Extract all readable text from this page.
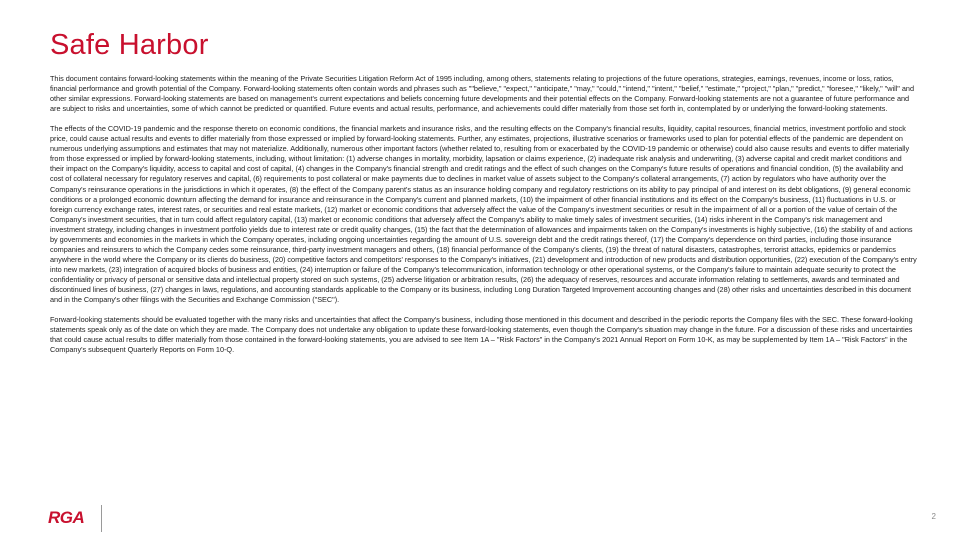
Safe Harbor

This document contains forward-looking statements within the meaning of the Private Securities Litigation Reform Act of 1995 including, among others, statements relating to projections of the future operations, strategies, earnings, revenues, income or loss, ratios, financial performance and growth potential of the Company. Forward-looking statements often contain words and phrases such as ""believe," "expect," "anticipate," "may," "could," "intend," "intent," "belief," "estimate," "project," "plan," "predict," "foresee," "likely," "will" and other similar expressions. Forward-looking statements are based on management's current expectations and beliefs concerning future developments and their potential effects on the Company. Forward-looking statements are not a guarantee of future performance and are subject to risks and uncertainties, some of which cannot be predicted or quantified. Future events and actual results, performance, and achievements could differ materially from those set forth in, contemplated by or underlying the forward-looking statements.

The effects of the COVID-19 pandemic and the response thereto on economic conditions, the financial markets and insurance risks, and the resulting effects on the Company's financial results, liquidity, capital resources, financial metrics, investment portfolio and stock price, could cause actual results and events to differ materially from those expressed or implied by forward-looking statements. Further, any estimates, projections, illustrative scenarios or frameworks used to plan for potential effects of the pandemic are dependent on numerous underlying assumptions and estimates that may not materialize. Additionally, numerous other important factors (whether related to, resulting from or exacerbated by the COVID-19 pandemic or otherwise) could also cause results and events to differ materially from those expressed or implied by forward-looking statements, including, without limitation: (1) adverse changes in mortality, morbidity, lapsation or claims experience, (2) inadequate risk analysis and underwriting, (3) adverse capital and credit market conditions and their impact on the Company's liquidity, access to capital and cost of capital, (4) changes in the Company's financial strength and credit ratings and the effect of such changes on the Company's future results of operations and financial condition, (5) the availability and cost of collateral necessary for regulatory reserves and capital, (6) requirements to post collateral or make payments due to declines in market value of assets subject to the Company's collateral arrangements, (7) action by regulators who have authority over the Company's reinsurance operations in the jurisdictions in which it operates, (8) the effect of the Company parent's status as an insurance holding company and regulatory restrictions on its ability to pay principal of and interest on its debt obligations, (9) general economic conditions or a prolonged economic downturn affecting the demand for insurance and reinsurance in the Company's current and planned markets, (10) the impairment of other financial institutions and its effect on the Company's business, (11) fluctuations in U.S. or foreign currency exchange rates, interest rates, or securities and real estate markets, (12) market or economic conditions that adversely affect the value of the Company's investment securities or result in the impairment of all or a portion of the value of certain of the Company's investment securities, that in turn could affect regulatory capital, (13) market or economic conditions that adversely affect the Company's ability to make timely sales of investment securities, (14) risks inherent in the Company's risk management and investment strategy, including changes in investment portfolio yields due to interest rate or credit quality changes, (15) the fact that the determination of allowances and impairments taken on the Company's investments is highly subjective, (16) the stability of and actions by governments and economies in the markets in which the Company operates, including ongoing uncertainties regarding the amount of U.S. sovereign debt and the credit ratings thereof, (17) the Company's dependence on third parties, including those insurance companies and reinsurers to which the Company cedes some reinsurance, third-party investment managers and others, (18) financial performance of the Company's clients, (19) the threat of natural disasters, catastrophes, terrorist attacks, epidemics or pandemics anywhere in the world where the Company or its clients do business, (20) competitive factors and competitors' responses to the Company's initiatives, (21) development and introduction of new products and distribution opportunities, (22) execution of the Company's entry into new markets, (23) integration of acquired blocks of business and entities, (24) interruption or failure of the Company's telecommunication, information technology or other operational systems, or the Company's failure to maintain adequate security to protect the confidentiality or privacy of personal or sensitive data and intellectual property stored on such systems, (25) adverse litigation or arbitration results, (26) the adequacy of reserves, resources and accurate information relating to settlements, awards and terminated and discontinued lines of business, (27) changes in laws, regulations, and accounting standards applicable to the Company or its business, including Long Duration Targeted Improvement accounting changes and (28) other risks and uncertainties described in this document and in the Company's other filings with the Securities and Exchange Commission ("SEC").

Forward-looking statements should be evaluated together with the many risks and uncertainties that affect the Company's business, including those mentioned in this document and described in the periodic reports the Company files with the SEC. These forward-looking statements speak only as of the date on which they are made. The Company does not undertake any obligation to update these forward-looking statements, even though the Company's situation may change in the future. For a discussion of these risks and uncertainties that could cause actual results to differ materially from those contained in the forward-looking statements, you are advised to see Item 1A – "Risk Factors" in the Company's 2021 Annual Report on Form 10-K, as may be supplemented by Item 1A – "Risk Factors" in the Company's subsequent Quarterly Reports on Form 10-Q.

RGA	2
